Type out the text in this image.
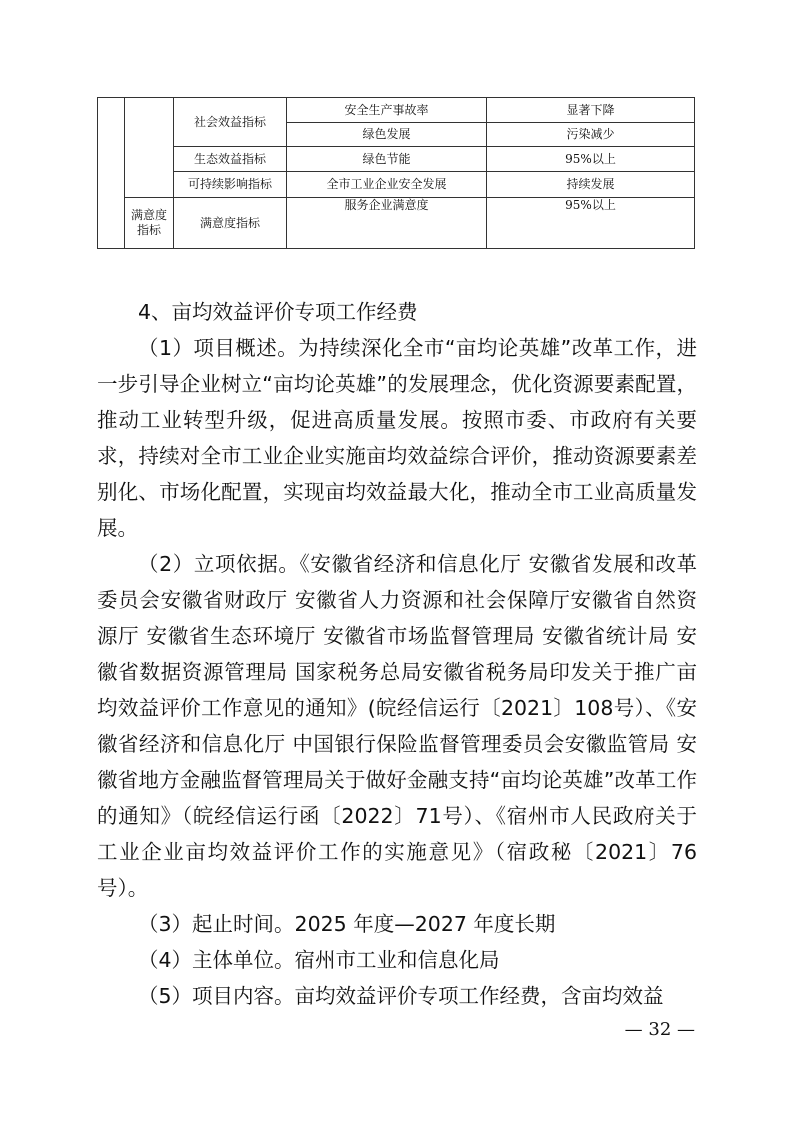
		社会效益指标	安全生产事故率	显著下降
			绿色发展	污染减少
		生态效益指标	绿色节能	95%以上
		可持续影响指标	全市工业企业安全发展	持续发展
	满意度指标	满意度指标	服务企业满意度	95%以上
4、亩均效益评价专项工作经费

（1）项目概述。为持续深化全市“亩均论英雄”改革工作，进一步引导企业树立“亩均论英雄”的发展理念，优化资源要素配置，推动工业转型升级，促进高质量发展。按照市委、市政府有关要求，持续对全市工业企业实施亩均效益综合评价，推动资源要素差别化、市场化配置，实现亩均效益最大化，推动全市工业高质量发展。

（2）立项依据。《安徽省经济和信息化厅 安徽省发展和改革委员会安徽省财政厅 安徽省人力资源和社会保障厅安徽省自然资源厅 安徽省生态环境厅 安徽省市场监督管理局 安徽省统计局 安徽省数据资源管理局 国家税务总局安徽省税务局印发关于推广亩均效益评价工作意见的通知》(皖经信运行〔2021〕108号）、《安徽省经济和信息化厅 中国银行保险监督管理委员会安徽监管局 安徽省地方金融监督管理局关于做好金融支持“亩均论英雄”改革工作的通知》（皖经信运行函〔2022〕71号）、《宿州市人民政府关于工业企业亩均效益评价工作的实施意见》（宿政秘〔2021〕76号）。

（3）起止时间。2025 年度—2027 年度长期

（4）主体单位。宿州市工业和信息化局

（5）项目内容。亩均效益评价专项工作经费，含亩均效益

— 32 —
